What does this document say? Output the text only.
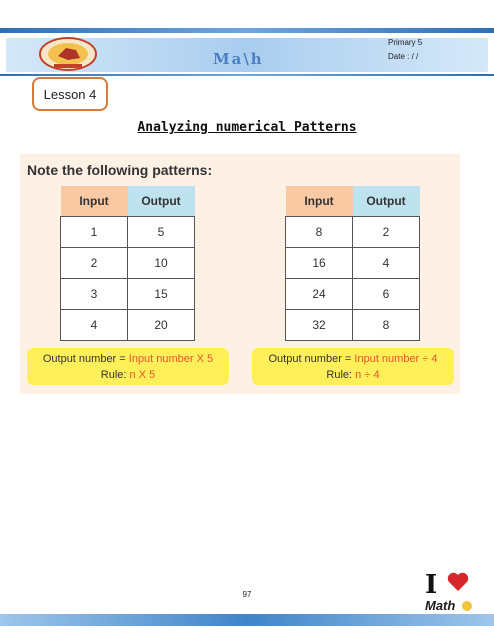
Ma\h
Primary 5
Date : / /
Lesson 4
Analyzing numerical Patterns
Note the following patterns:
Input	Output
1	5
2	10
3	15
4	20
Input	Output
8	2
16	4
24	6
32	8
Output number = Input number X 5
Rule: n X 5
Output number = Input number ÷ 4
Rule: n ÷ 4
97	I
Math
